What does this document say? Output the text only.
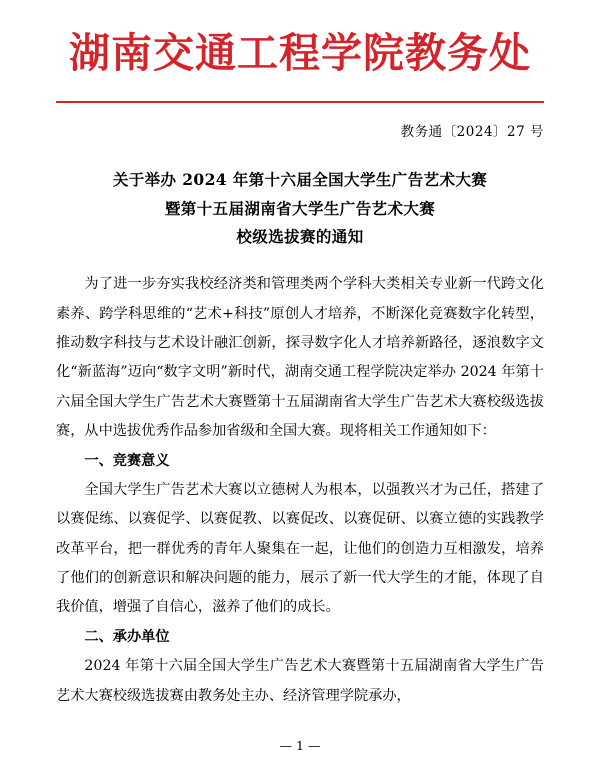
湖南交通工程学院教务处
教务通〔2024〕27 号
关于举办 2024 年第十六届全国大学生广告艺术大赛
暨第十五届湖南省大学生广告艺术大赛
校级选拔赛的通知

为了进一步夯实我校经济类和管理类两个学科大类相关专业新一代跨文化素养、跨学科思维的“艺术+科技”原创人才培养，不断深化竞赛数字化转型，推动数字科技与艺术设计融汇创新，探寻数字化人才培养新路径，逐浪数字文化“新蓝海”迈向“数字文明”新时代，湖南交通工程学院决定举办 2024 年第十六届全国大学生广告艺术大赛暨第十五届湖南省大学生广告艺术大赛校级选拔赛，从中选拔优秀作品参加省级和全国大赛。现将相关工作通知如下：

一、竞赛意义

全国大学生广告艺术大赛以立德树人为根本，以强教兴才为己任，搭建了以赛促练、以赛促学、以赛促教、以赛促改、以赛促研、以赛立德的实践教学改革平台，把一群优秀的青年人聚集在一起，让他们的创造力互相激发，培养了他们的创新意识和解决问题的能力，展示了新一代大学生的才能，体现了自我价值，增强了自信心，滋养了他们的成长。

二、承办单位

2024 年第十六届全国大学生广告艺术大赛暨第十五届湖南省大学生广告艺术大赛校级选拔赛由教务处主办、经济管理学院承办，

— 1 —
